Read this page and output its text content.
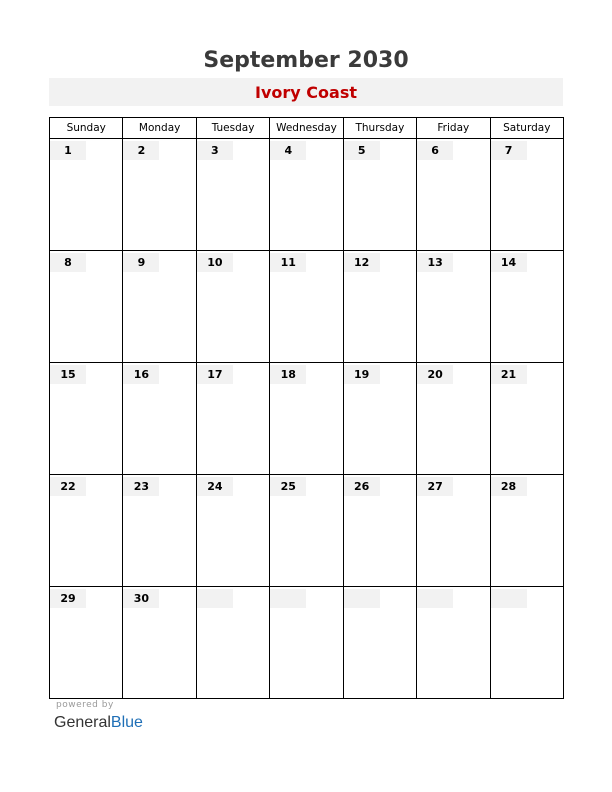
September 2030
Ivory Coast
Sunday	Monday	Tuesday	Wednesday	Thursday	Friday	Saturday

1	2	3	4	5	6	7

8	9	10	11	12	13	14

15	16	17	18	19	20	21

22	23	24	25	26	27	28

29	30					

powered by
GeneralBlue
